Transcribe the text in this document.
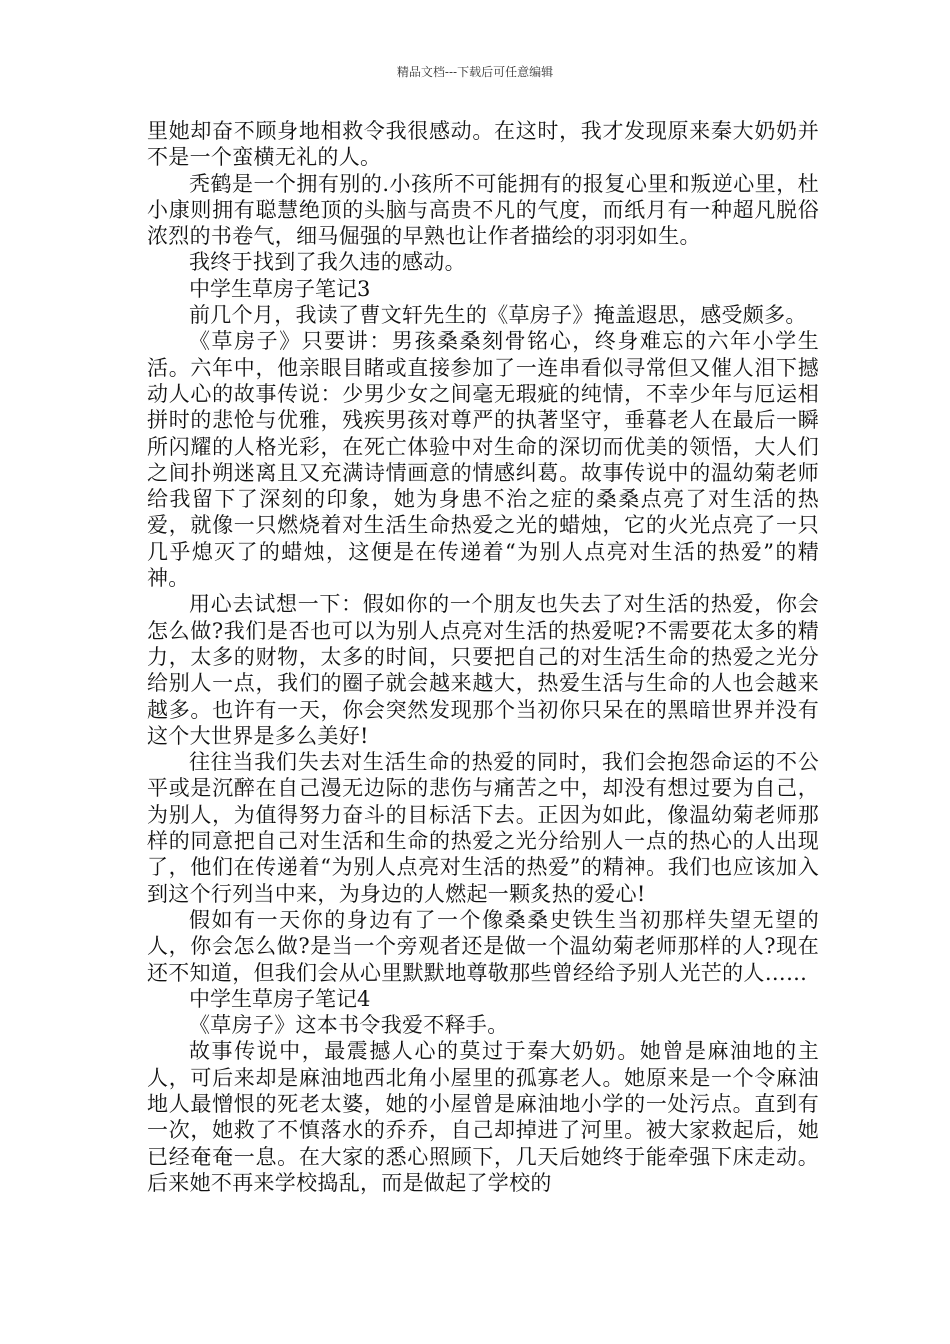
精品文档---下载后可任意编辑

里她却奋不顾身地相救令我很感动。在这时，我才发现原来秦大奶奶并不是一个蛮横无礼的人。

秃鹤是一个拥有别的.小孩所不可能拥有的报复心里和叛逆心里，杜小康则拥有聪慧绝顶的头脑与高贵不凡的气度，而纸月有一种超凡脱俗浓烈的书卷气，细马倔强的早熟也让作者描绘的羽羽如生。

我终于找到了我久违的感动。

中学生草房子笔记3

前几个月，我读了曹文轩先生的《草房子》掩盖遐思，感受颇多。

《草房子》只要讲：男孩桑桑刻骨铭心，终身难忘的六年小学生活。六年中，他亲眼目睹或直接参加了一连串看似寻常但又催人泪下撼动人心的故事传说：少男少女之间毫无瑕疵的纯情，不幸少年与厄运相拼时的悲怆与优雅，残疾男孩对尊严的执著坚守，垂暮老人在最后一瞬所闪耀的人格光彩，在死亡体验中对生命的深切而优美的领悟，大人们之间扑朔迷离且又充满诗情画意的情感纠葛。故事传说中的温幼菊老师给我留下了深刻的印象，她为身患不治之症的桑桑点亮了对生活的热爱，就像一只燃烧着对生活生命热爱之光的蜡烛，它的火光点亮了一只几乎熄灭了的蜡烛，这便是在传递着“为别人点亮对生活的热爱”的精神。

用心去试想一下：假如你的一个朋友也失去了对生活的热爱，你会怎么做?我们是否也可以为别人点亮对生活的热爱呢?不需要花太多的精力，太多的财物，太多的时间，只要把自己的对生活生命的热爱之光分给别人一点，我们的圈子就会越来越大，热爱生活与生命的人也会越来越多。也许有一天，你会突然发现那个当初你只呆在的黑暗世界并没有这个大世界是多么美好!

往往当我们失去对生活生命的热爱的同时，我们会抱怨命运的不公平或是沉醉在自己漫无边际的悲伤与痛苦之中，却没有想过要为自己，为别人，为值得努力奋斗的目标活下去。正因为如此，像温幼菊老师那样的同意把自己对生活和生命的热爱之光分给别人一点的热心的人出现了，他们在传递着“为别人点亮对生活的热爱”的精神。我们也应该加入到这个行列当中来，为身边的人燃起一颗炙热的爱心!

假如有一天你的身边有了一个像桑桑史铁生当初那样失望无望的人，你会怎么做?是当一个旁观者还是做一个温幼菊老师那样的人?现在还不知道，但我们会从心里默默地尊敬那些曾经给予别人光芒的人……

中学生草房子笔记4

《草房子》这本书令我爱不释手。

故事传说中，最震撼人心的莫过于秦大奶奶。她曾是麻油地的主人，可后来却是麻油地西北角小屋里的孤寡老人。她原来是一个令麻油地人最憎恨的死老太婆，她的小屋曾是麻油地小学的一处污点。直到有一次，她救了不慎落水的乔乔，自己却掉进了河里。被大家救起后，她已经奄奄一息。在大家的悉心照顾下，几天后她终于能牵强下床走动。后来她不再来学校捣乱，而是做起了学校的
